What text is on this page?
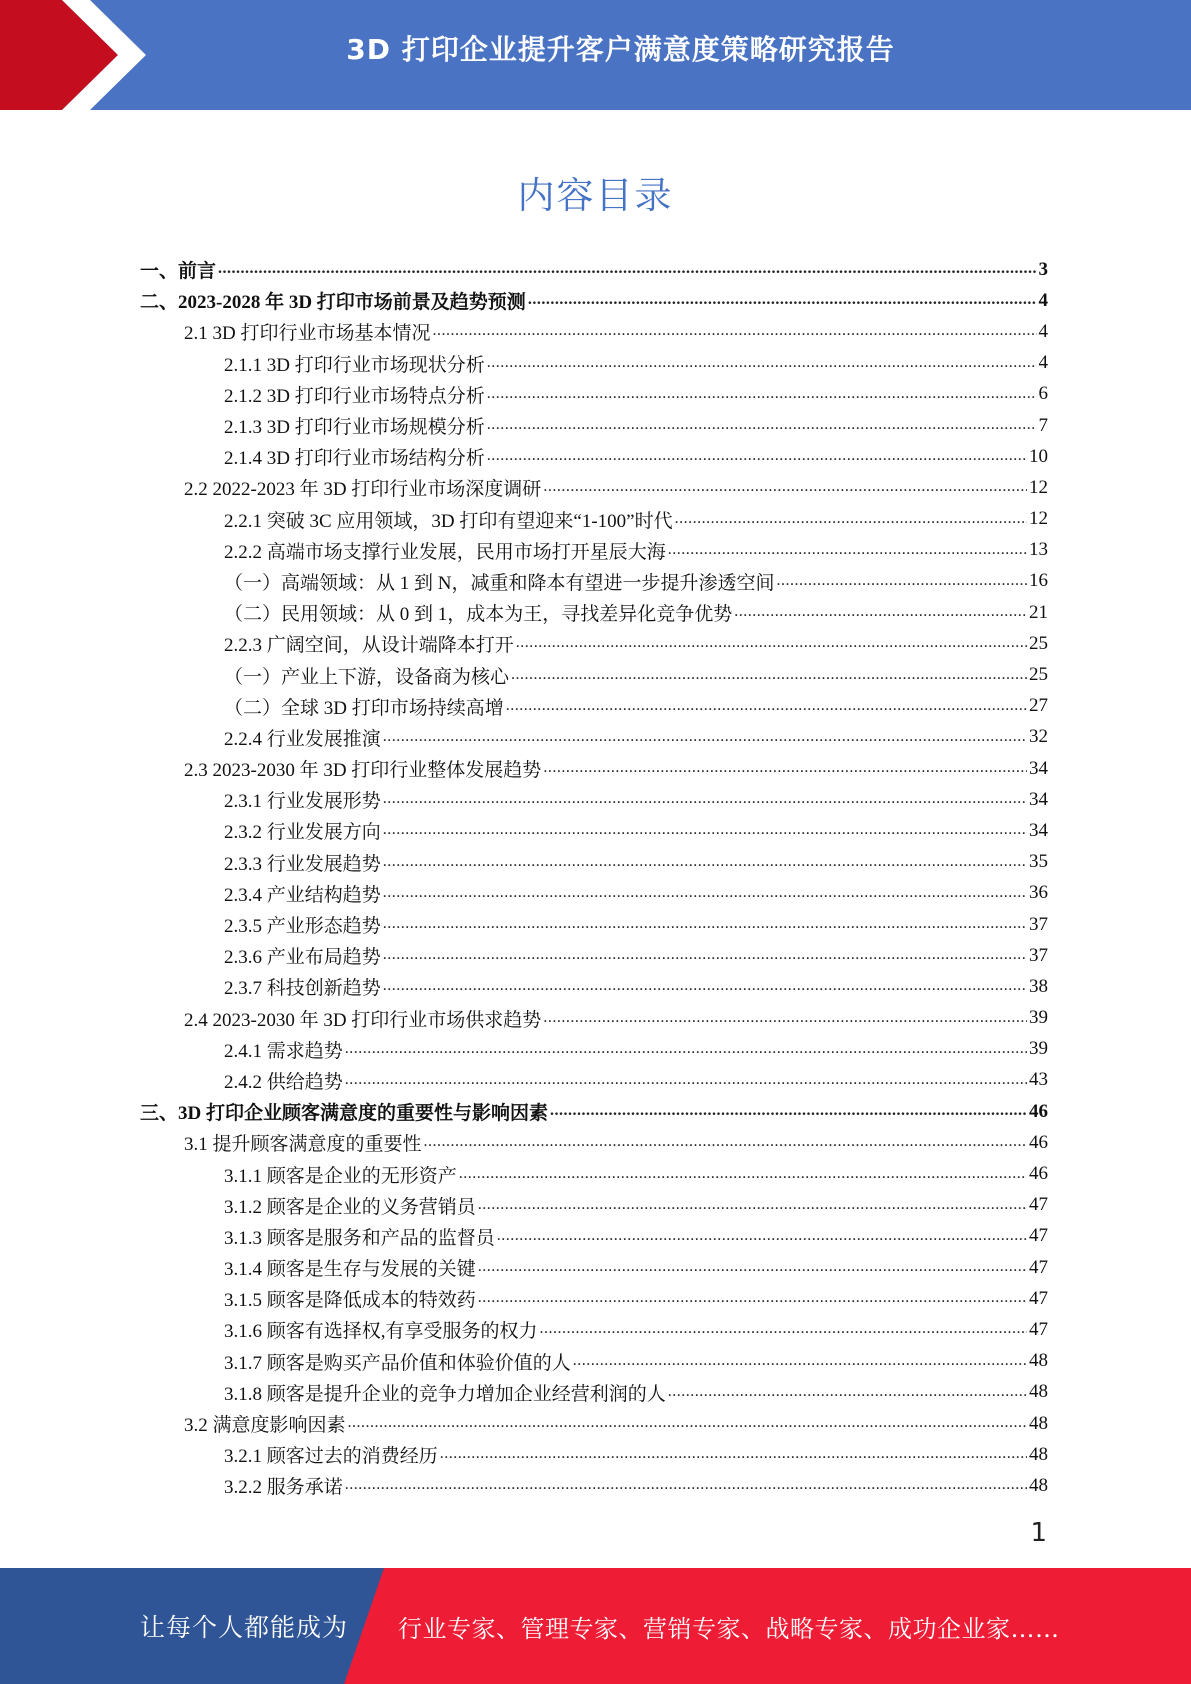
3D 打印企业提升客户满意度策略研究报告
内容目录
一、前言 .....	3
二、2023-2028 年 3D 打印市场前景及趋势预测 .....	4
2.1 3D 打印行业市场基本情况 .....	4
2.1.1 3D 打印行业市场现状分析 .....	4
2.1.2 3D 打印行业市场特点分析 .....	6
2.1.3 3D 打印行业市场规模分析 .....	7
2.1.4 3D 打印行业市场结构分析 .....	10
2.2 2022-2023 年 3D 打印行业市场深度调研 .....	12
2.2.1 突破 3C 应用领域，3D 打印有望迎来“1-100”时代 .....	12
2.2.2 高端市场支撑行业发展，民用市场打开星辰大海 .....	13
（一）高端领域：从 1 到 N，减重和降本有望进一步提升渗透空间 .....	16
（二）民用领域：从 0 到 1，成本为王，寻找差异化竞争优势 .....	21
2.2.3 广阔空间，从设计端降本打开 .....	25
（一）产业上下游，设备商为核心 .....	25
（二）全球 3D 打印市场持续高增 .....	27
2.2.4 行业发展推演 .....	32
2.3 2023-2030 年 3D 打印行业整体发展趋势 .....	34
2.3.1 行业发展形势 .....	34
2.3.2 行业发展方向 .....	34
2.3.3 行业发展趋势 .....	35
2.3.4 产业结构趋势 .....	36
2.3.5 产业形态趋势 .....	37
2.3.6 产业布局趋势 .....	37
2.3.7 科技创新趋势 .....	38
2.4 2023-2030 年 3D 打印行业市场供求趋势 .....	39
2.4.1 需求趋势 .....	39
2.4.2 供给趋势 .....	43
三、3D 打印企业顾客满意度的重要性与影响因素 .....	46
3.1 提升顾客满意度的重要性 .....	46
3.1.1 顾客是企业的无形资产 .....	46
3.1.2 顾客是企业的义务营销员 .....	47
3.1.3 顾客是服务和产品的监督员 .....	47
3.1.4 顾客是生存与发展的关键 .....	47
3.1.5 顾客是降低成本的特效药 .....	47
3.1.6 顾客有选择权,有享受服务的权力 .....	47
3.1.7 顾客是购买产品价值和体验价值的人 .....	48
3.1.8 顾客是提升企业的竞争力增加企业经营利润的人 .....	48
3.2 满意度影响因素 .....	48
3.2.1 顾客过去的消费经历 .....	48
3.2.2 服务承诺 .....	48
1
让每个人都能成为 行业专家、管理专家、营销专家、战略专家、成功企业家……
